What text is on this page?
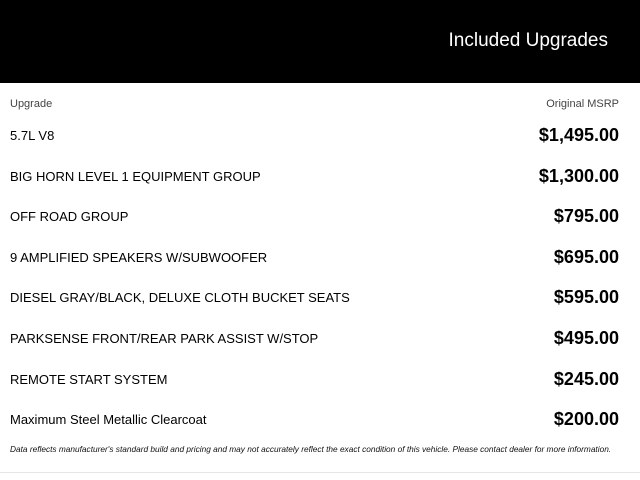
Included Upgrades
Upgrade	Original MSRP
5.7L V8	$1,495.00
BIG HORN LEVEL 1 EQUIPMENT GROUP	$1,300.00
OFF ROAD GROUP	$795.00
9 AMPLIFIED SPEAKERS W/SUBWOOFER	$695.00
DIESEL GRAY/BLACK, DELUXE CLOTH BUCKET SEATS	$595.00
PARKSENSE FRONT/REAR PARK ASSIST W/STOP	$495.00
REMOTE START SYSTEM	$245.00
Maximum Steel Metallic Clearcoat	$200.00
Data reflects manufacturer's standard build and pricing and may not accurately reflect the exact condition of this vehicle. Please contact dealer for more information.
